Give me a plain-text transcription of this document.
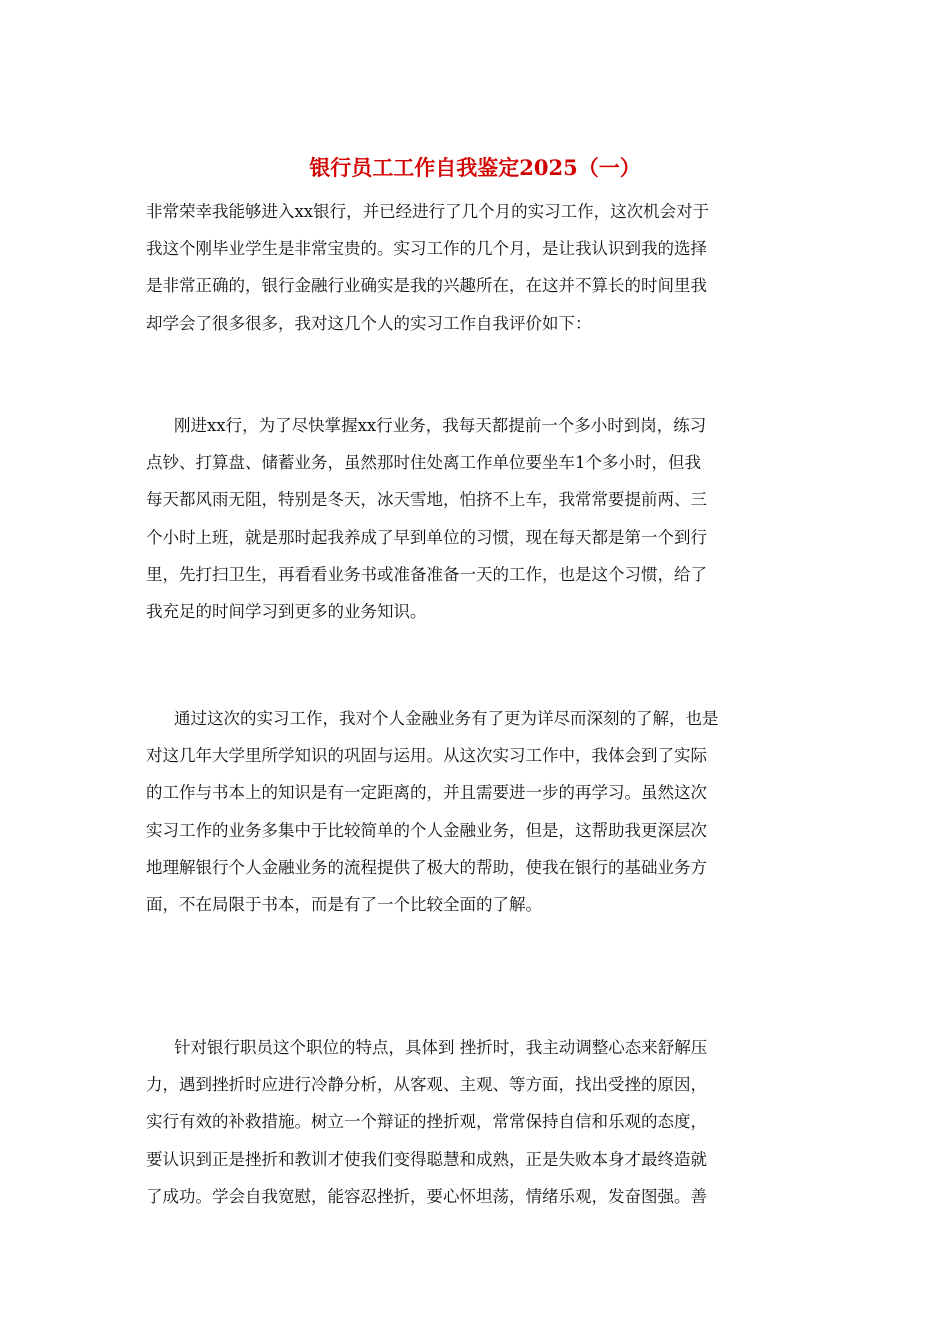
银行员工工作自我鉴定2025（一）

非常荣幸我能够进入xx银行，并已经进行了几个月的实习工作，这次机会对于
我这个刚毕业学生是非常宝贵的。实习工作的几个月，是让我认识到我的选择
是非常正确的，银行金融行业确实是我的兴趣所在，在这并不算长的时间里我
却学会了很多很多，我对这几个人的实习工作自我评价如下：

刚进xx行，为了尽快掌握xx行业务，我每天都提前一个多小时到岗，练习
点钞、打算盘、储蓄业务，虽然那时住处离工作单位要坐车1个多小时，但我
每天都风雨无阻，特别是冬天，冰天雪地，怕挤不上车，我常常要提前两、三
个小时上班，就是那时起我养成了早到单位的习惯，现在每天都是第一个到行
里，先打扫卫生，再看看业务书或准备准备一天的工作，也是这个习惯，给了
我充足的时间学习到更多的业务知识。

通过这次的实习工作，我对个人金融业务有了更为详尽而深刻的了解，也是
对这几年大学里所学知识的巩固与运用。从这次实习工作中，我体会到了实际
的工作与书本上的知识是有一定距离的，并且需要进一步的再学习。虽然这次
实习工作的业务多集中于比较简单的个人金融业务，但是，这帮助我更深层次
地理解银行个人金融业务的流程提供了极大的帮助，使我在银行的基础业务方
面，不在局限于书本，而是有了一个比较全面的了解。

针对银行职员这个职位的特点，具体到 挫折时，我主动调整心态来舒解压
力，遇到挫折时应进行冷静分析，从客观、主观、等方面，找出受挫的原因，
实行有效的补救措施。树立一个辩证的挫折观，常常保持自信和乐观的态度，
要认识到正是挫折和教训才使我们变得聪慧和成熟，正是失败本身才最终造就
了成功。学会自我宽慰，能容忍挫折，要心怀坦荡，情绪乐观，发奋图强。善
